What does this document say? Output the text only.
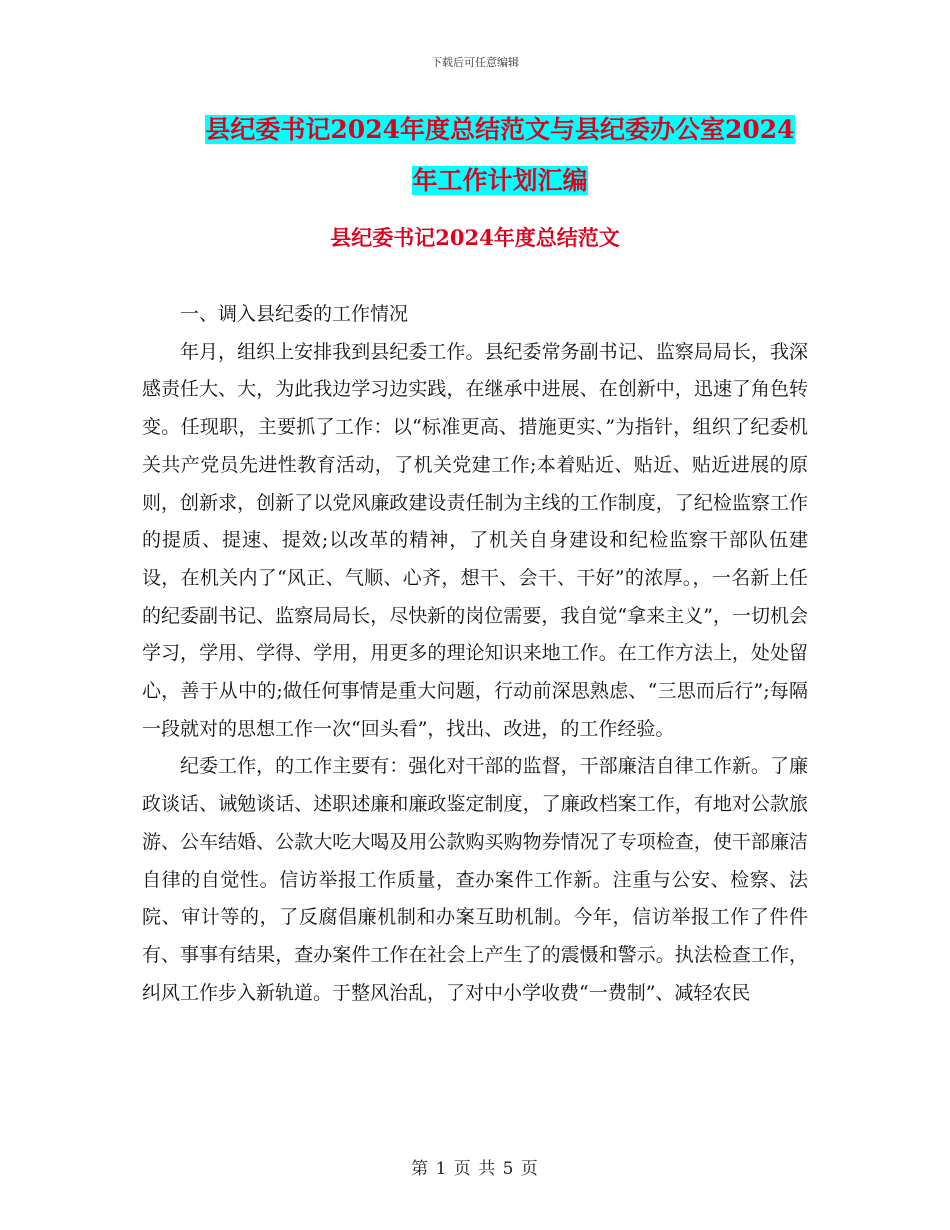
下载后可任意编辑
县纪委书记2024年度总结范文与县纪委办公室2024
年工作计划汇编
县纪委书记2024年度总结范文

一、调入县纪委的工作情况

年月，组织上安排我到县纪委工作。县纪委常务副书记、监察局局长，我深感责任大、大，为此我边学习边实践，在继承中进展、在创新中，迅速了角色转变。任现职，主要抓了工作：以“标准更高、措施更实、”为指针，组织了纪委机关共产党员先进性教育活动，了机关党建工作;本着贴近、贴近、贴近进展的原则，创新求，创新了以党风廉政建设责任制为主线的工作制度，了纪检监察工作的提质、提速、提效;以改革的精神，了机关自身建设和纪检监察干部队伍建设，在机关内了“风正、气顺、心齐，想干、会干、干好”的浓厚。，一名新上任的纪委副书记、监察局局长，尽快新的岗位需要，我自觉“拿来主义”，一切机会学习，学用、学得、学用，用更多的理论知识来地工作。在工作方法上，处处留心，善于从中的;做任何事情是重大问题，行动前深思熟虑、“三思而后行”;每隔一段就对的思想工作一次“回头看”，找出、改进，的工作经验。

纪委工作，的工作主要有：强化对干部的监督，干部廉洁自律工作新。了廉政谈话、诫勉谈话、述职述廉和廉政鉴定制度，了廉政档案工作，有地对公款旅游、公车结婚、公款大吃大喝及用公款购买购物券情况了专项检查，使干部廉洁自律的自觉性。信访举报工作质量，查办案件工作新。注重与公安、检察、法院、审计等的，了反腐倡廉机制和办案互助机制。今年，信访举报工作了件件有、事事有结果，查办案件工作在社会上产生了的震慑和警示。执法检查工作，纠风工作步入新轨道。于整风治乱，了对中小学收费“一费制”、减轻农民

第 1 页 共 5 页
